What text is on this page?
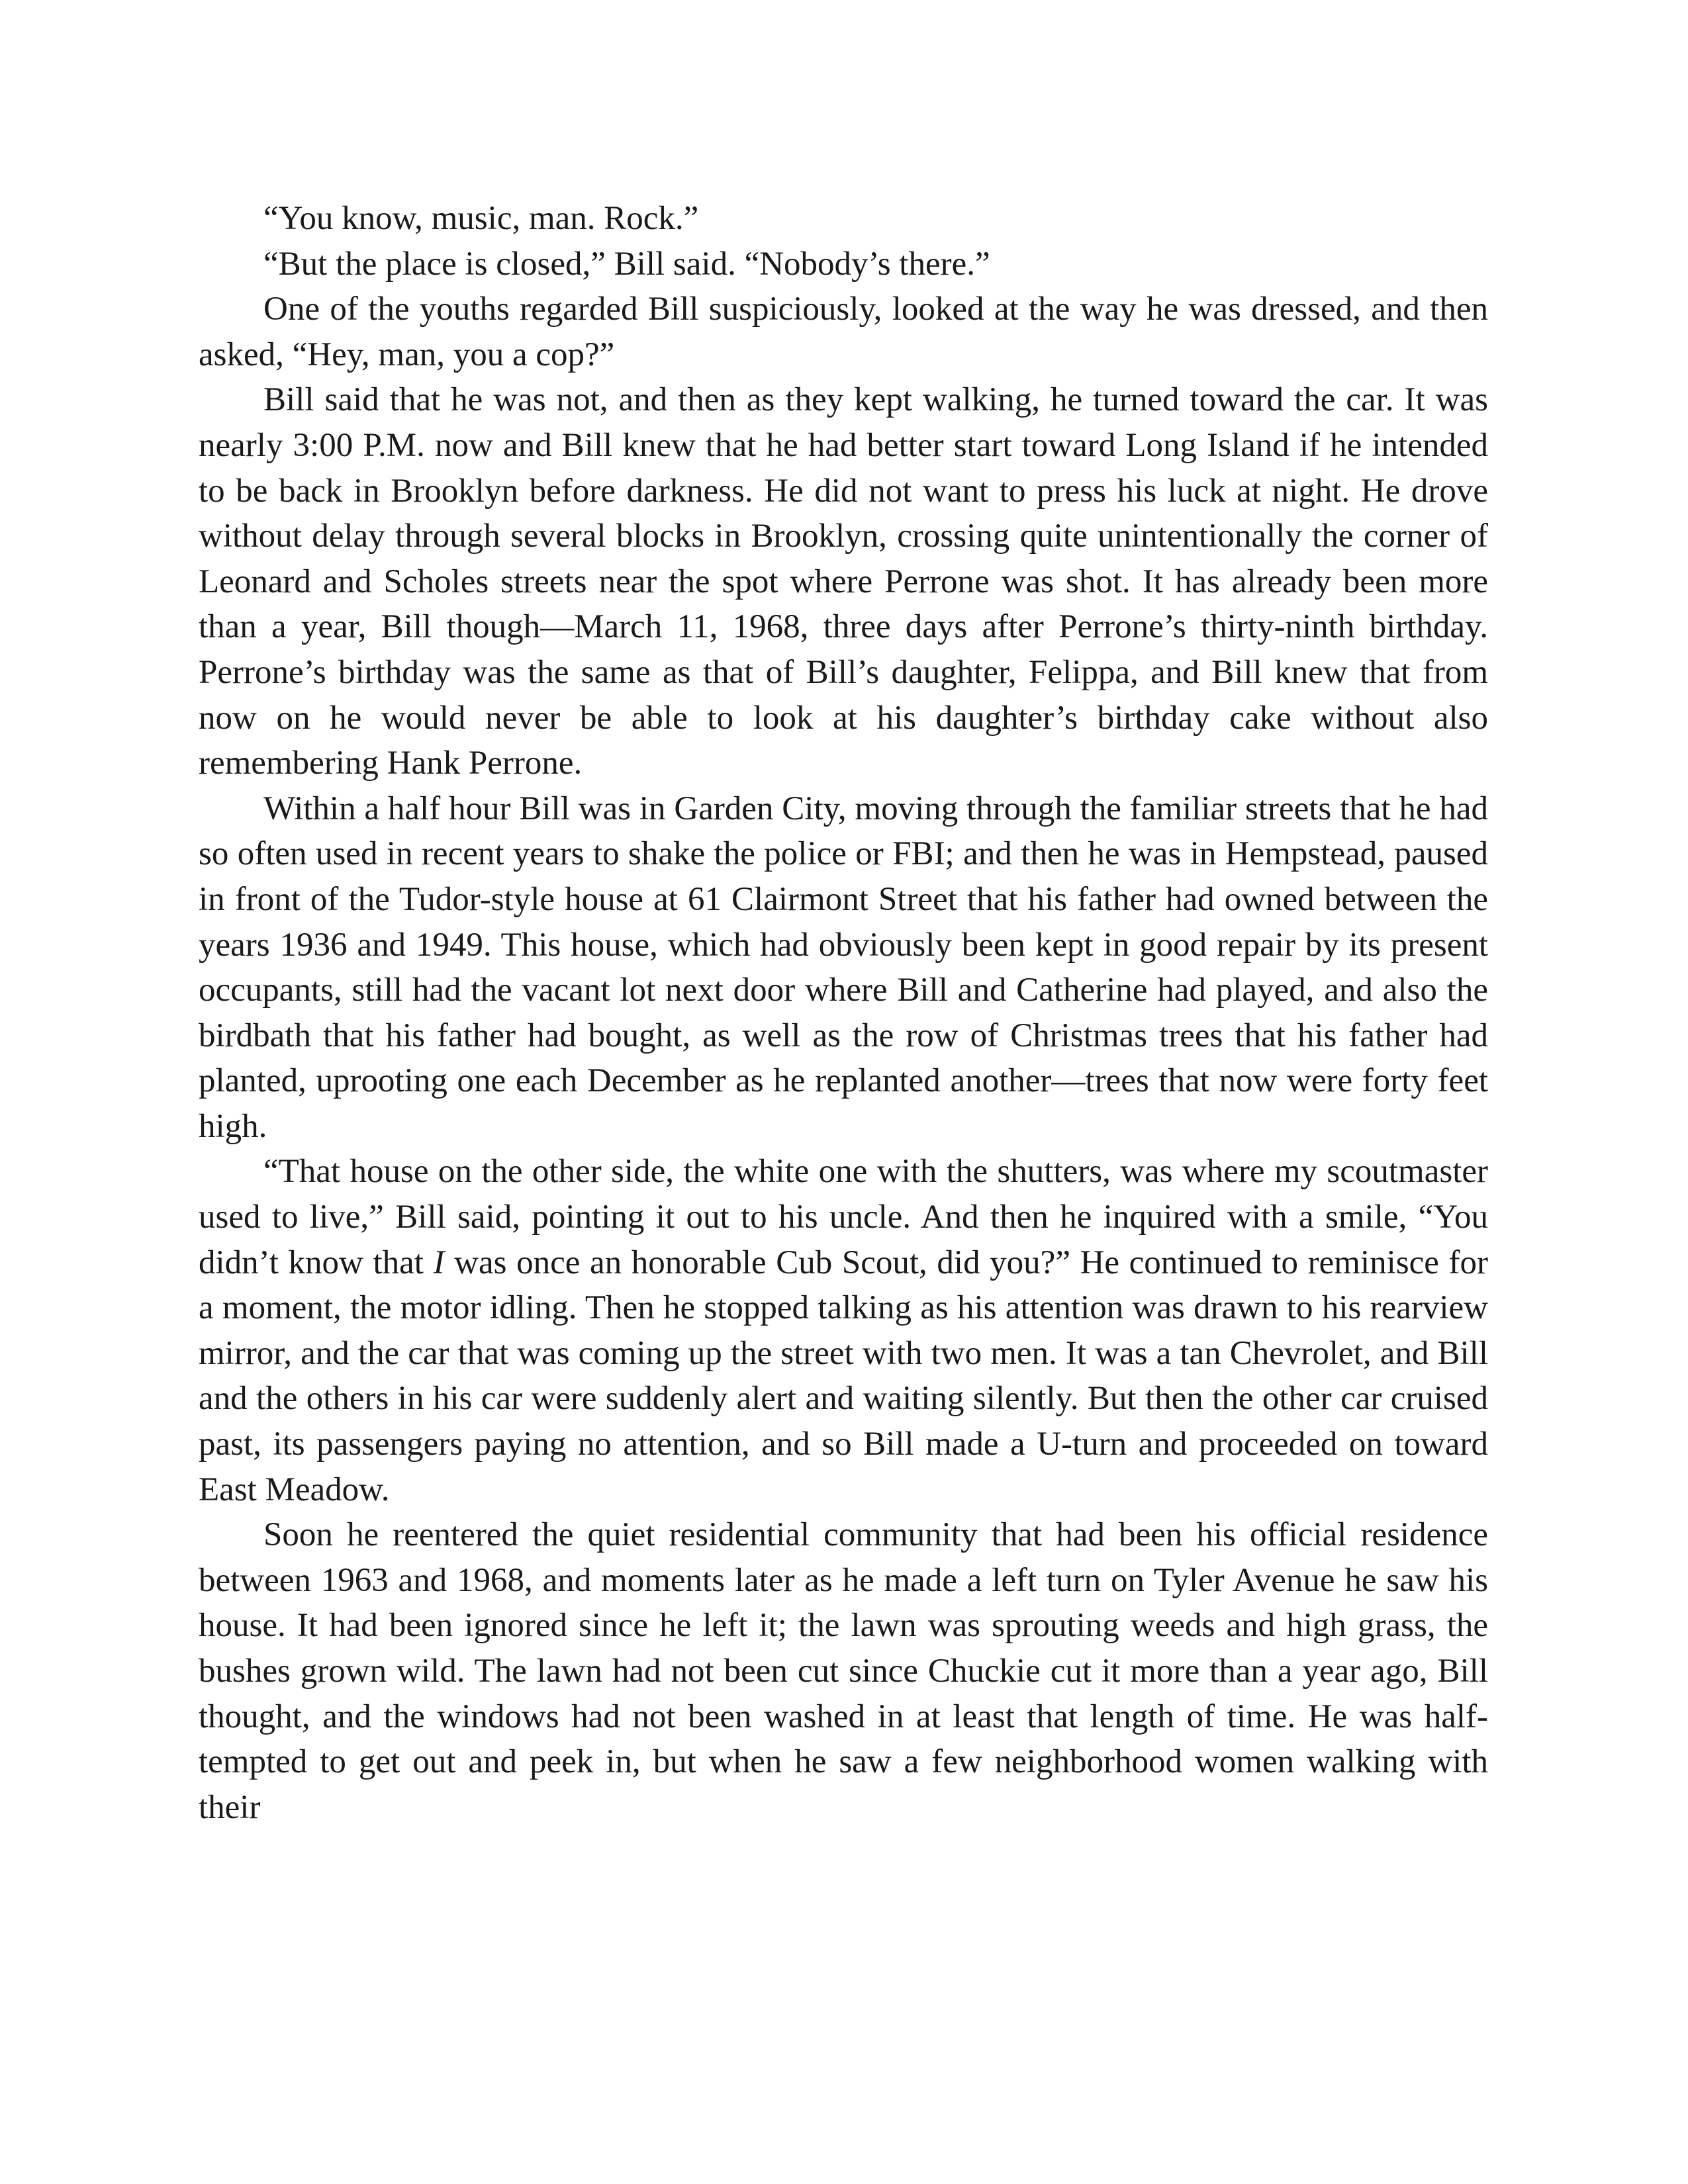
“You know, music, man. Rock.”

“But the place is closed,” Bill said. “Nobody’s there.”

One of the youths regarded Bill suspiciously, looked at the way he was dressed, and then asked, “Hey, man, you a cop?”

Bill said that he was not, and then as they kept walking, he turned toward the car. It was nearly 3:00 P.M. now and Bill knew that he had better start toward Long Island if he intended to be back in Brooklyn before darkness. He did not want to press his luck at night. He drove without delay through several blocks in Brooklyn, crossing quite unintentionally the corner of Leonard and Scholes streets near the spot where Perrone was shot. It has already been more than a year, Bill though—March 11, 1968, three days after Perrone’s thirty-ninth birthday. Perrone’s birthday was the same as that of Bill’s daughter, Felippa, and Bill knew that from now on he would never be able to look at his daughter’s birthday cake without also remembering Hank Perrone.

Within a half hour Bill was in Garden City, moving through the familiar streets that he had so often used in recent years to shake the police or FBI; and then he was in Hempstead, paused in front of the Tudor-style house at 61 Clairmont Street that his father had owned between the years 1936 and 1949. This house, which had obviously been kept in good repair by its present occupants, still had the vacant lot next door where Bill and Catherine had played, and also the birdbath that his father had bought, as well as the row of Christmas trees that his father had planted, uprooting one each December as he replanted another—trees that now were forty feet high.

“That house on the other side, the white one with the shutters, was where my scoutmaster used to live,” Bill said, pointing it out to his uncle. And then he inquired with a smile, “You didn’t know that I was once an honorable Cub Scout, did you?” He continued to reminisce for a moment, the motor idling. Then he stopped talking as his attention was drawn to his rearview mirror, and the car that was coming up the street with two men. It was a tan Chevrolet, and Bill and the others in his car were suddenly alert and waiting silently. But then the other car cruised past, its passengers paying no attention, and so Bill made a U-turn and proceeded on toward East Meadow.

Soon he reentered the quiet residential community that had been his official residence between 1963 and 1968, and moments later as he made a left turn on Tyler Avenue he saw his house. It had been ignored since he left it; the lawn was sprouting weeds and high grass, the bushes grown wild. The lawn had not been cut since Chuckie cut it more than a year ago, Bill thought, and the windows had not been washed in at least that length of time. He was half-tempted to get out and peek in, but when he saw a few neighborhood women walking with their
